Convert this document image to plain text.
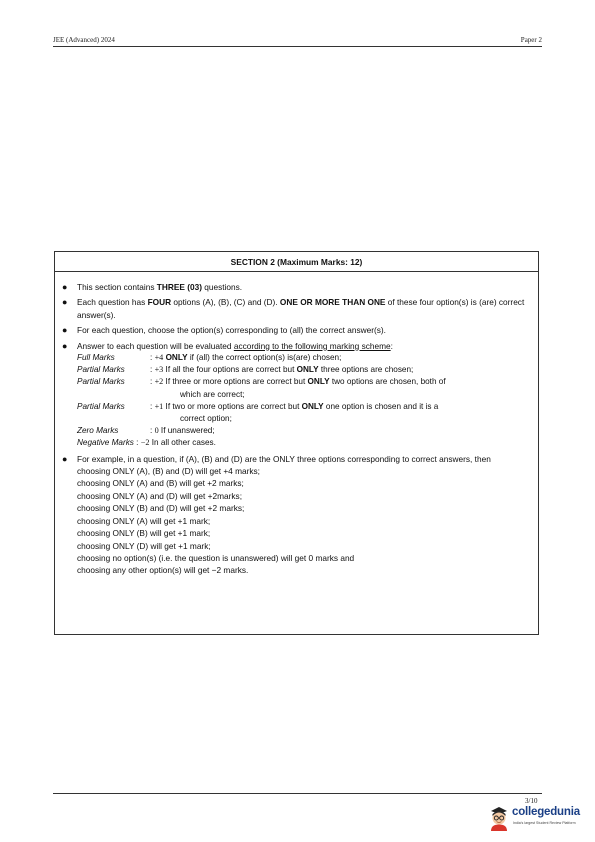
JEE (Advanced) 2024	Paper 2
SECTION 2 (Maximum Marks: 12)
● This section contains THREE (03) questions.
● Each question has FOUR options (A), (B), (C) and (D). ONE OR MORE THAN ONE of these four option(s) is (are) correct answer(s).
● For each question, choose the option(s) corresponding to (all) the correct answer(s).
● Answer to each question will be evaluated according to the following marking scheme:
Full Marks	: +4 ONLY if (all) the correct option(s) is(are) chosen;
Partial Marks	: +3 If all the four options are correct but ONLY three options are chosen;
Partial Marks	: +2 If three or more options are correct but ONLY two options are chosen, both of
which are correct;
Partial Marks	: +1 If two or more options are correct but ONLY one option is chosen and it is a
correct option;
Zero Marks	: 0 If unanswered;
Negative Marks : −2 In all other cases.
● For example, in a question, if (A), (B) and (D) are the ONLY three options corresponding to correct answers, then
choosing ONLY (A), (B) and (D) will get +4 marks;
choosing ONLY (A) and (B) will get +2 marks;
choosing ONLY (A) and (D) will get +2marks;
choosing ONLY (B) and (D) will get +2 marks;
choosing ONLY (A) will get +1 mark;
choosing ONLY (B) will get +1 mark;
choosing ONLY (D) will get +1 mark;
choosing no option(s) (i.e. the question is unanswered) will get 0 marks and
choosing any other option(s) will get −2 marks.
3/10
collegedunia
India's largest Student Review Platform
